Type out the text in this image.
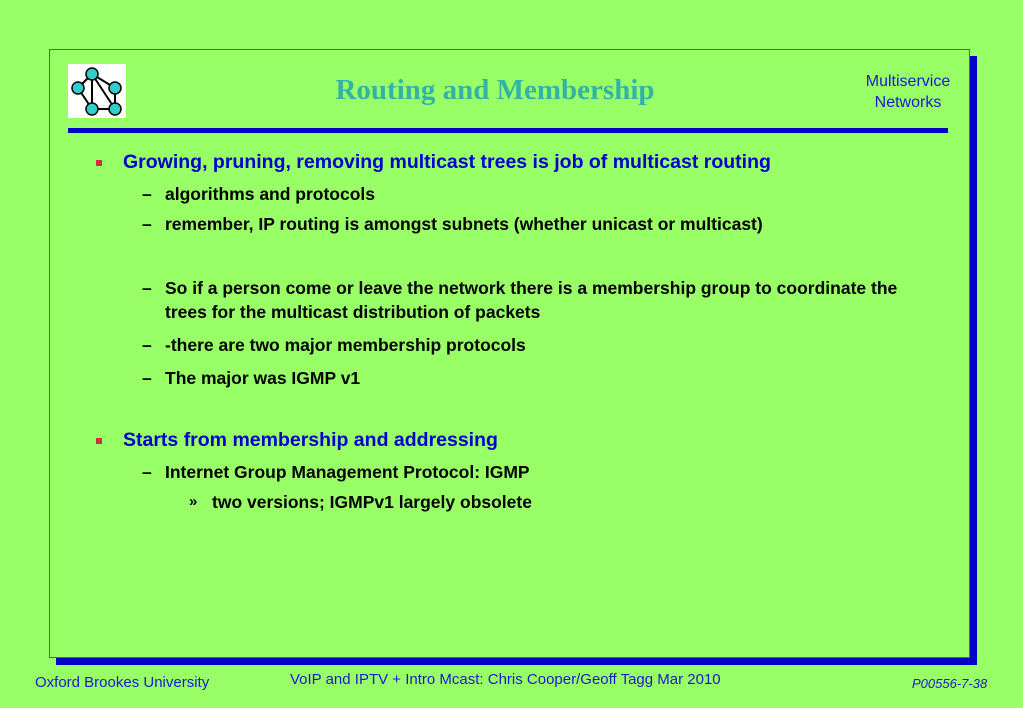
Routing and Membership	Multiservice
Networks
Growing, pruning, removing multicast trees is job of multicast routing
– algorithms and protocols
– remember, IP routing is amongst subnets (whether unicast or multicast)
– So if a person come or leave the network there is a membership group to coordinate the trees for the multicast distribution of packets
– -there are two major membership protocols
– The major was IGMP v1
Starts from membership and addressing
– Internet Group Management Protocol: IGMP
» two versions; IGMPv1 largely obsolete
Oxford Brookes University	VoIP and IPTV + Intro Mcast: Chris Cooper/Geoff Tagg Mar 2010	P00556-7-38
